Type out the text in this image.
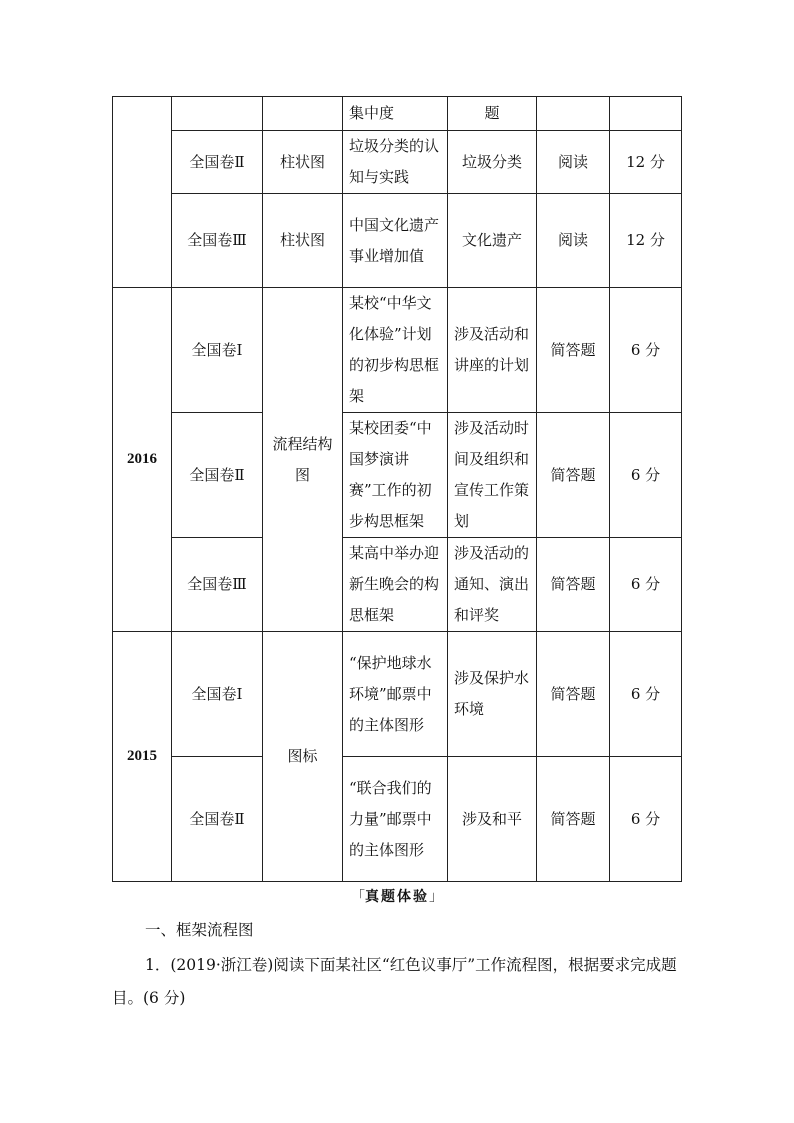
			集中度	题		
	全国卷Ⅱ	柱状图	垃圾分类的认知与实践	垃圾分类	阅读	12 分
	全国卷Ⅲ	柱状图	中国文化遗产事业增加值	文化遗产	阅读	12 分
2016	全国卷Ⅰ	流程结构图	某校“中华文化体验”计划的初步构思框架	涉及活动和讲座的计划	简答题	6 分
	全国卷Ⅱ		某校团委“中国梦演讲赛”工作的初步构思框架	涉及活动时间及组织和宣传工作策划	简答题	6 分
	全国卷Ⅲ		某高中举办迎新生晚会的构思框架	涉及活动的通知、演出和评奖	简答题	6 分
2015	全国卷Ⅰ	图标	“保护地球水环境”邮票中的主体图形	涉及保护水环境	简答题	6 分
	全国卷Ⅱ		“联合我们的力量”邮票中的主体图形	涉及和平	简答题	6 分
「真题体验」
一、框架流程图
1．(2019·浙江卷)阅读下面某社区“红色议事厅”工作流程图，根据要求完成题目。(6 分)
